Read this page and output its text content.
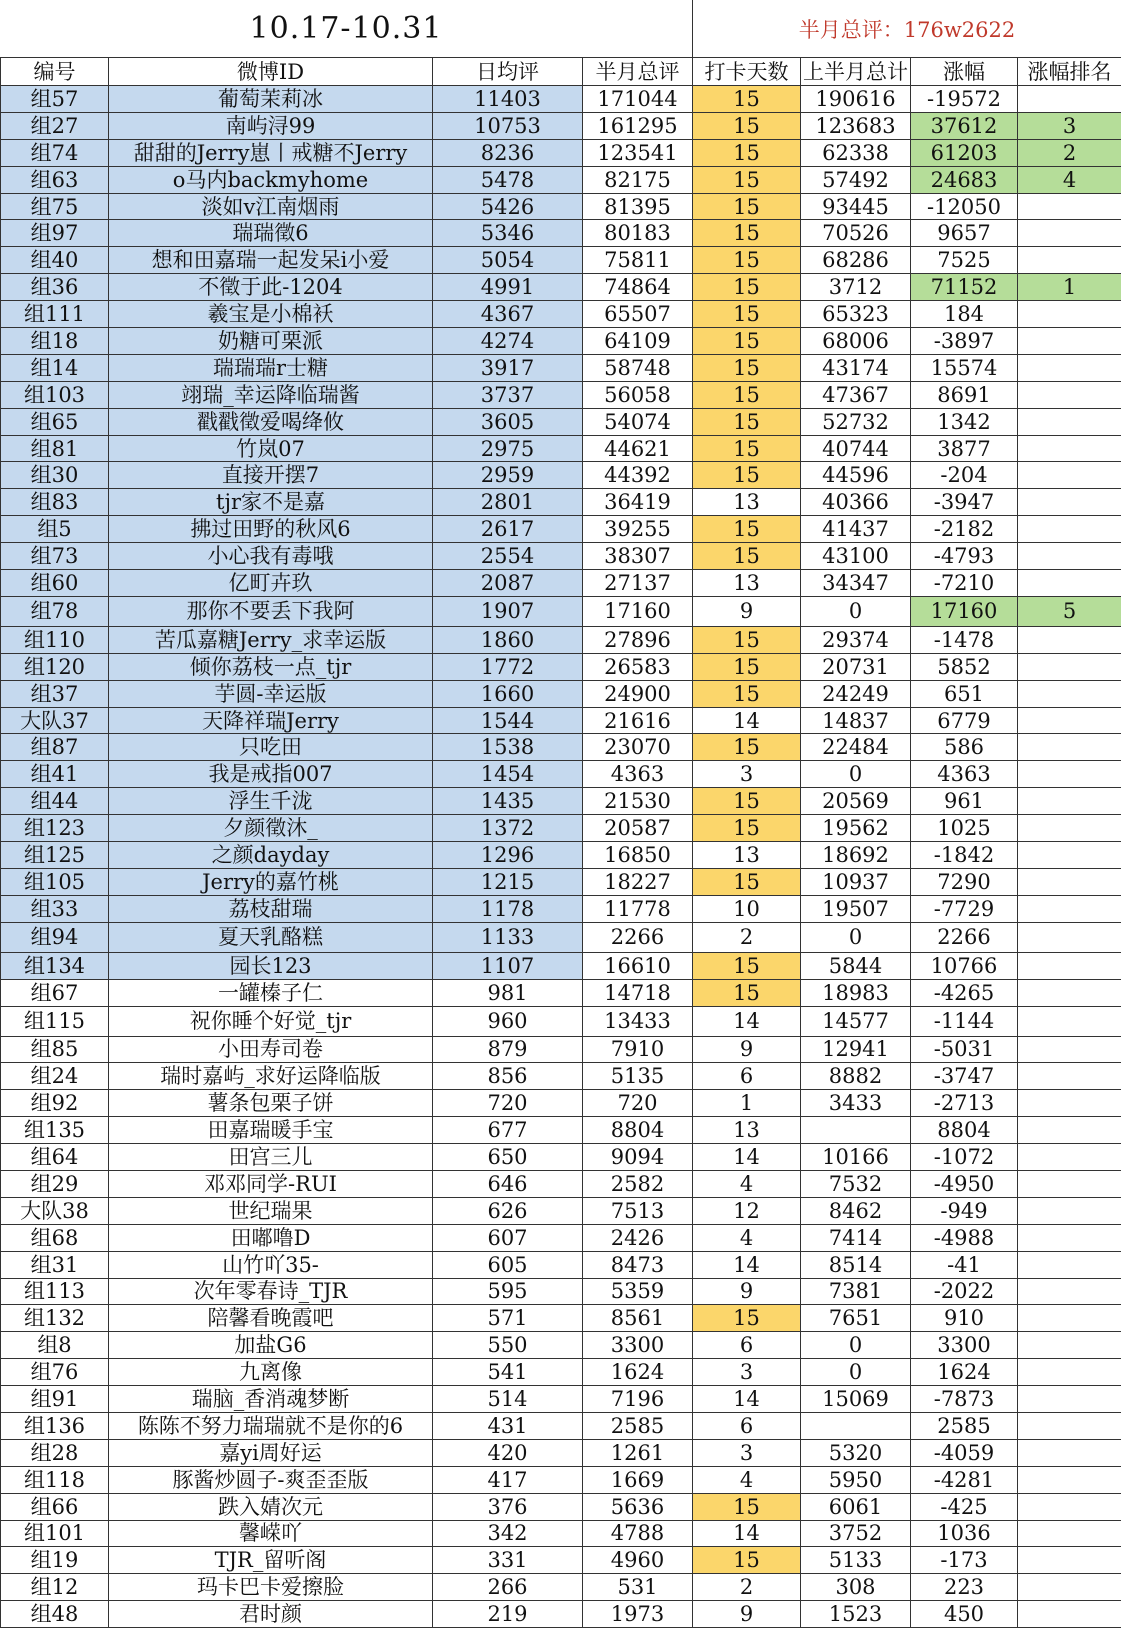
10.17-10.31	半月总评：176w2622
编号	微博ID	日均评	半月总评	打卡天数	上半月总计	涨幅	涨幅排名
组57	葡萄茉莉冰	11403	171044	15	190616	-19572	
组27	南屿浔99	10753	161295	15	123683	37612	3
组74	甜甜的Jerry崽丨戒糖不Jerry	8236	123541	15	62338	61203	2
组63	o马内backmyhome	5478	82175	15	57492	24683	4
组75	淡如v江南烟雨	5426	81395	15	93445	-12050	
组97	瑞瑞徵6	5346	80183	15	70526	9657	
组40	想和田嘉瑞一起发呆i小爱	5054	75811	15	68286	7525	
组36	不徵于此-1204	4991	74864	15	3712	71152	1
组111	羲宝是小棉袄	4367	65507	15	65323	184	
组18	奶糖可栗派	4274	64109	15	68006	-3897	
组14	瑞瑞瑞r士糖	3917	58748	15	43174	15574	
组103	翊瑞_幸运降临瑞酱	3737	56058	15	47367	8691	
组65	戳戳徵爱喝绛攸	3605	54074	15	52732	1342	
组81	竹岚07	2975	44621	15	40744	3877	
组30	直接开摆7	2959	44392	15	44596	-204	
组83	tjr家不是嘉	2801	36419	13	40366	-3947	
组5	拂过田野的秋风6	2617	39255	15	41437	-2182	
组73	小心我有毒哦	2554	38307	15	43100	-4793	
组60	亿町卉玖	2087	27137	13	34347	-7210	
组78	那你不要丢下我阿	1907	17160	9	0	17160	5
组110	苦瓜嘉糖Jerry_求幸运版	1860	27896	15	29374	-1478	
组120	倾你荔枝一点_tjr	1772	26583	15	20731	5852	
组37	芋圆-幸运版	1660	24900	15	24249	651	
大队37	天降祥瑞Jerry	1544	21616	14	14837	6779	
组87	只吃田	1538	23070	15	22484	586	
组41	我是戒指007	1454	4363	3	0	4363	
组44	浮生千泷	1435	21530	15	20569	961	
组123	夕颜徵沐_	1372	20587	15	19562	1025	
组125	之颜dayday	1296	16850	13	18692	-1842	
组105	Jerry的嘉竹桃	1215	18227	15	10937	7290	
组33	荔枝甜瑞	1178	11778	10	19507	-7729	
组94	夏天乳酪糕	1133	2266	2	0	2266	
组134	园长123	1107	16610	15	5844	10766	
组67	一罐榛子仁	981	14718	15	18983	-4265	
组115	祝你睡个好觉_tjr	960	13433	14	14577	-1144	
组85	小田寿司卷	879	7910	9	12941	-5031	
组24	瑞时嘉屿_求好运降临版	856	5135	6	8882	-3747	
组92	薯条包栗子饼	720	720	1	3433	-2713	
组135	田嘉瑞暖手宝	677	8804	13		8804	
组64	田宫三儿	650	9094	14	10166	-1072	
组29	邓邓同学-RUI	646	2582	4	7532	-4950	
大队38	世纪瑞果	626	7513	12	8462	-949	
组68	田嘟噜D	607	2426	4	7414	-4988	
组31	山竹吖35-	605	8473	14	8514	-41	
组113	次年零春诗_TJR	595	5359	9	7381	-2022	
组132	陪馨看晚霞吧	571	8561	15	7651	910	
组8	加盐G6	550	3300	6	0	3300	
组76	九离像	541	1624	3	0	1624	
组91	瑞脑_香消魂梦断	514	7196	14	15069	-7873	
组136	陈陈不努力瑞瑞就不是你的6	431	2585	6		2585	
组28	嘉yi周好运	420	1261	3	5320	-4059	
组118	豚酱炒圆子-爽歪歪版	417	1669	4	5950	-4281	
组66	跌入婧次元	376	5636	15	6061	-425	
组101	馨嵘吖	342	4788	14	3752	1036	
组19	TJR_留听阁	331	4960	15	5133	-173	
组12	玛卡巴卡爱擦脸	266	531	2	308	223	
组48	君时颜	219	1973	9	1523	450	
